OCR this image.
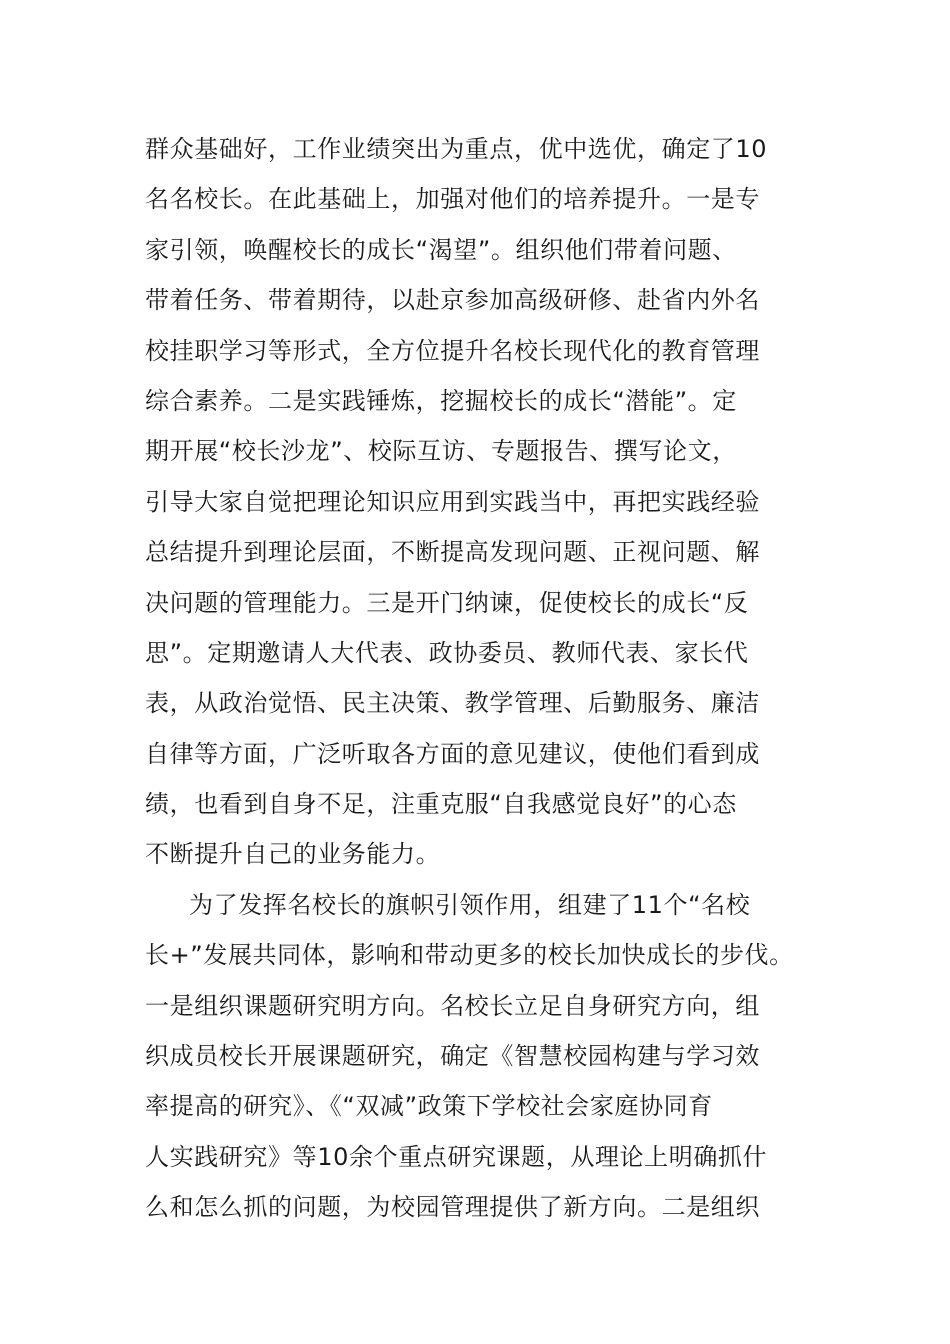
群众基础好，工作业绩突出为重点，优中选优，确定了10
名名校长。在此基础上，加强对他们的培养提升。一是专
家引领，唤醒校长的成长“渴望”。组织他们带着问题、
带着任务、带着期待，以赴京参加高级研修、赴省内外名
校挂职学习等形式，全方位提升名校长现代化的教育管理
综合素养。二是实践锤炼，挖掘校长的成长“潜能”。定
期开展“校长沙龙”、校际互访、专题报告、撰写论文，
引导大家自觉把理论知识应用到实践当中，再把实践经验
总结提升到理论层面，不断提高发现问题、正视问题、解
决问题的管理能力。三是开门纳谏，促使校长的成长“反
思”。定期邀请人大代表、政协委员、教师代表、家长代
表，从政治觉悟、民主决策、教学管理、后勤服务、廉洁
自律等方面，广泛听取各方面的意见建议，使他们看到成
绩，也看到自身不足，注重克服“自我感觉良好”的心态
不断提升自己的业务能力。
为了发挥名校长的旗帜引领作用，组建了11个“名校
长+”发展共同体，影响和带动更多的校长加快成长的步伐。
一是组织课题研究明方向。名校长立足自身研究方向，组
织成员校长开展课题研究，确定《智慧校园构建与学习效
率提高的研究》、《“双减”政策下学校社会家庭协同育
人实践研究》等10余个重点研究课题，从理论上明确抓什
么和怎么抓的问题，为校园管理提供了新方向。二是组织
